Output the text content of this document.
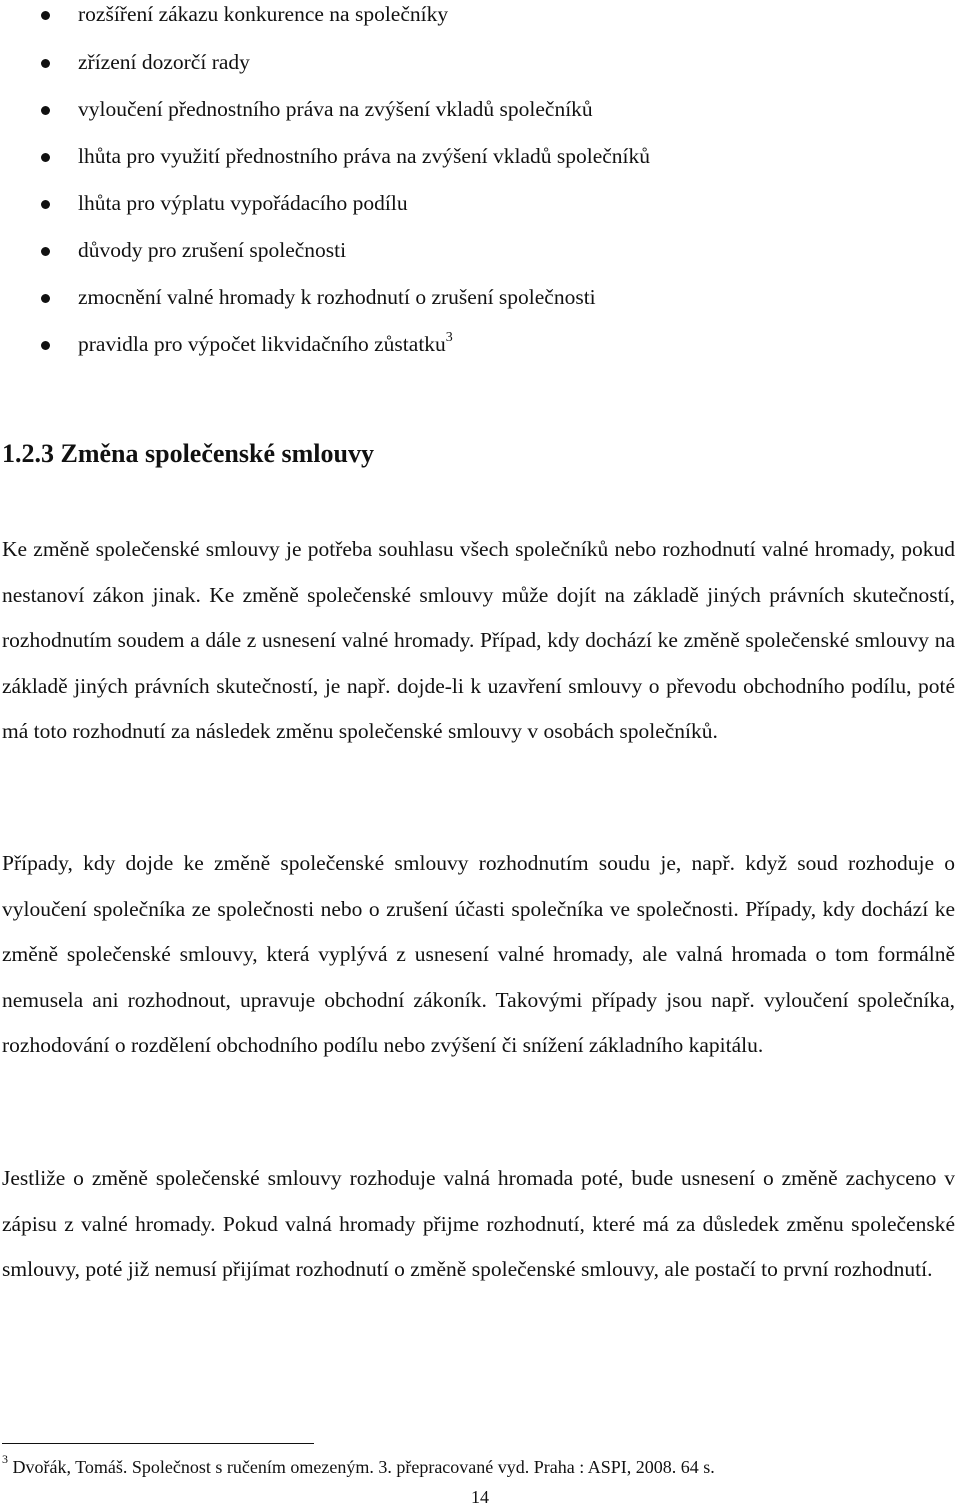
rozšíření zákazu konkurence na společníky
zřízení dozorčí rady
vyloučení přednostního práva na zvýšení vkladů společníků
lhůta pro využití přednostního práva na zvýšení vkladů společníků
lhůta pro výplatu vypořádacího podílu
důvody pro zrušení společnosti
zmocnění valné hromady k rozhodnutí o zrušení společnosti
pravidla pro výpočet likvidačního zůstatku$^3$
1.2.3 Změna společenské smlouvy

Ke změně společenské smlouvy je potřeba souhlasu všech společníků nebo rozhodnutí valné hromady, pokud nestanoví zákon jinak. Ke změně společenské smlouvy může dojít na základě jiných právních skutečností, rozhodnutím soudem a dále z usnesení valné hromady. Případ, kdy dochází ke změně společenské smlouvy na základě jiných právních skutečností, je např. dojde-li k uzavření smlouvy o převodu obchodního podílu, poté má toto rozhodnutí za následek změnu společenské smlouvy v osobách společníků.

Případy, kdy dojde ke změně společenské smlouvy rozhodnutím soudu je, např. když soud rozhoduje o vyloučení společníka ze společnosti nebo o zrušení účasti společníka ve společnosti. Případy, kdy dochází ke změně společenské smlouvy, která vyplývá z usnesení valné hromady, ale valná hromada o tom formálně nemusela ani rozhodnout, upravuje obchodní zákoník. Takovými případy jsou např. vyloučení společníka, rozhodování o rozdělení obchodního podílu nebo zvýšení či snížení základního kapitálu.

Jestliže o změně společenské smlouvy rozhoduje valná hromada poté, bude usnesení o změně zachyceno v zápisu z valné hromady. Pokud valná hromady přijme rozhodnutí, které má za důsledek změnu společenské smlouvy, poté již nemusí přijímat rozhodnutí o změně společenské smlouvy, ale postačí to první rozhodnutí.

$^3$ Dvořák, Tomáš. Společnost s ručením omezeným. 3. přepracované vyd. Praha : ASPI, 2008. 64 s.
14
